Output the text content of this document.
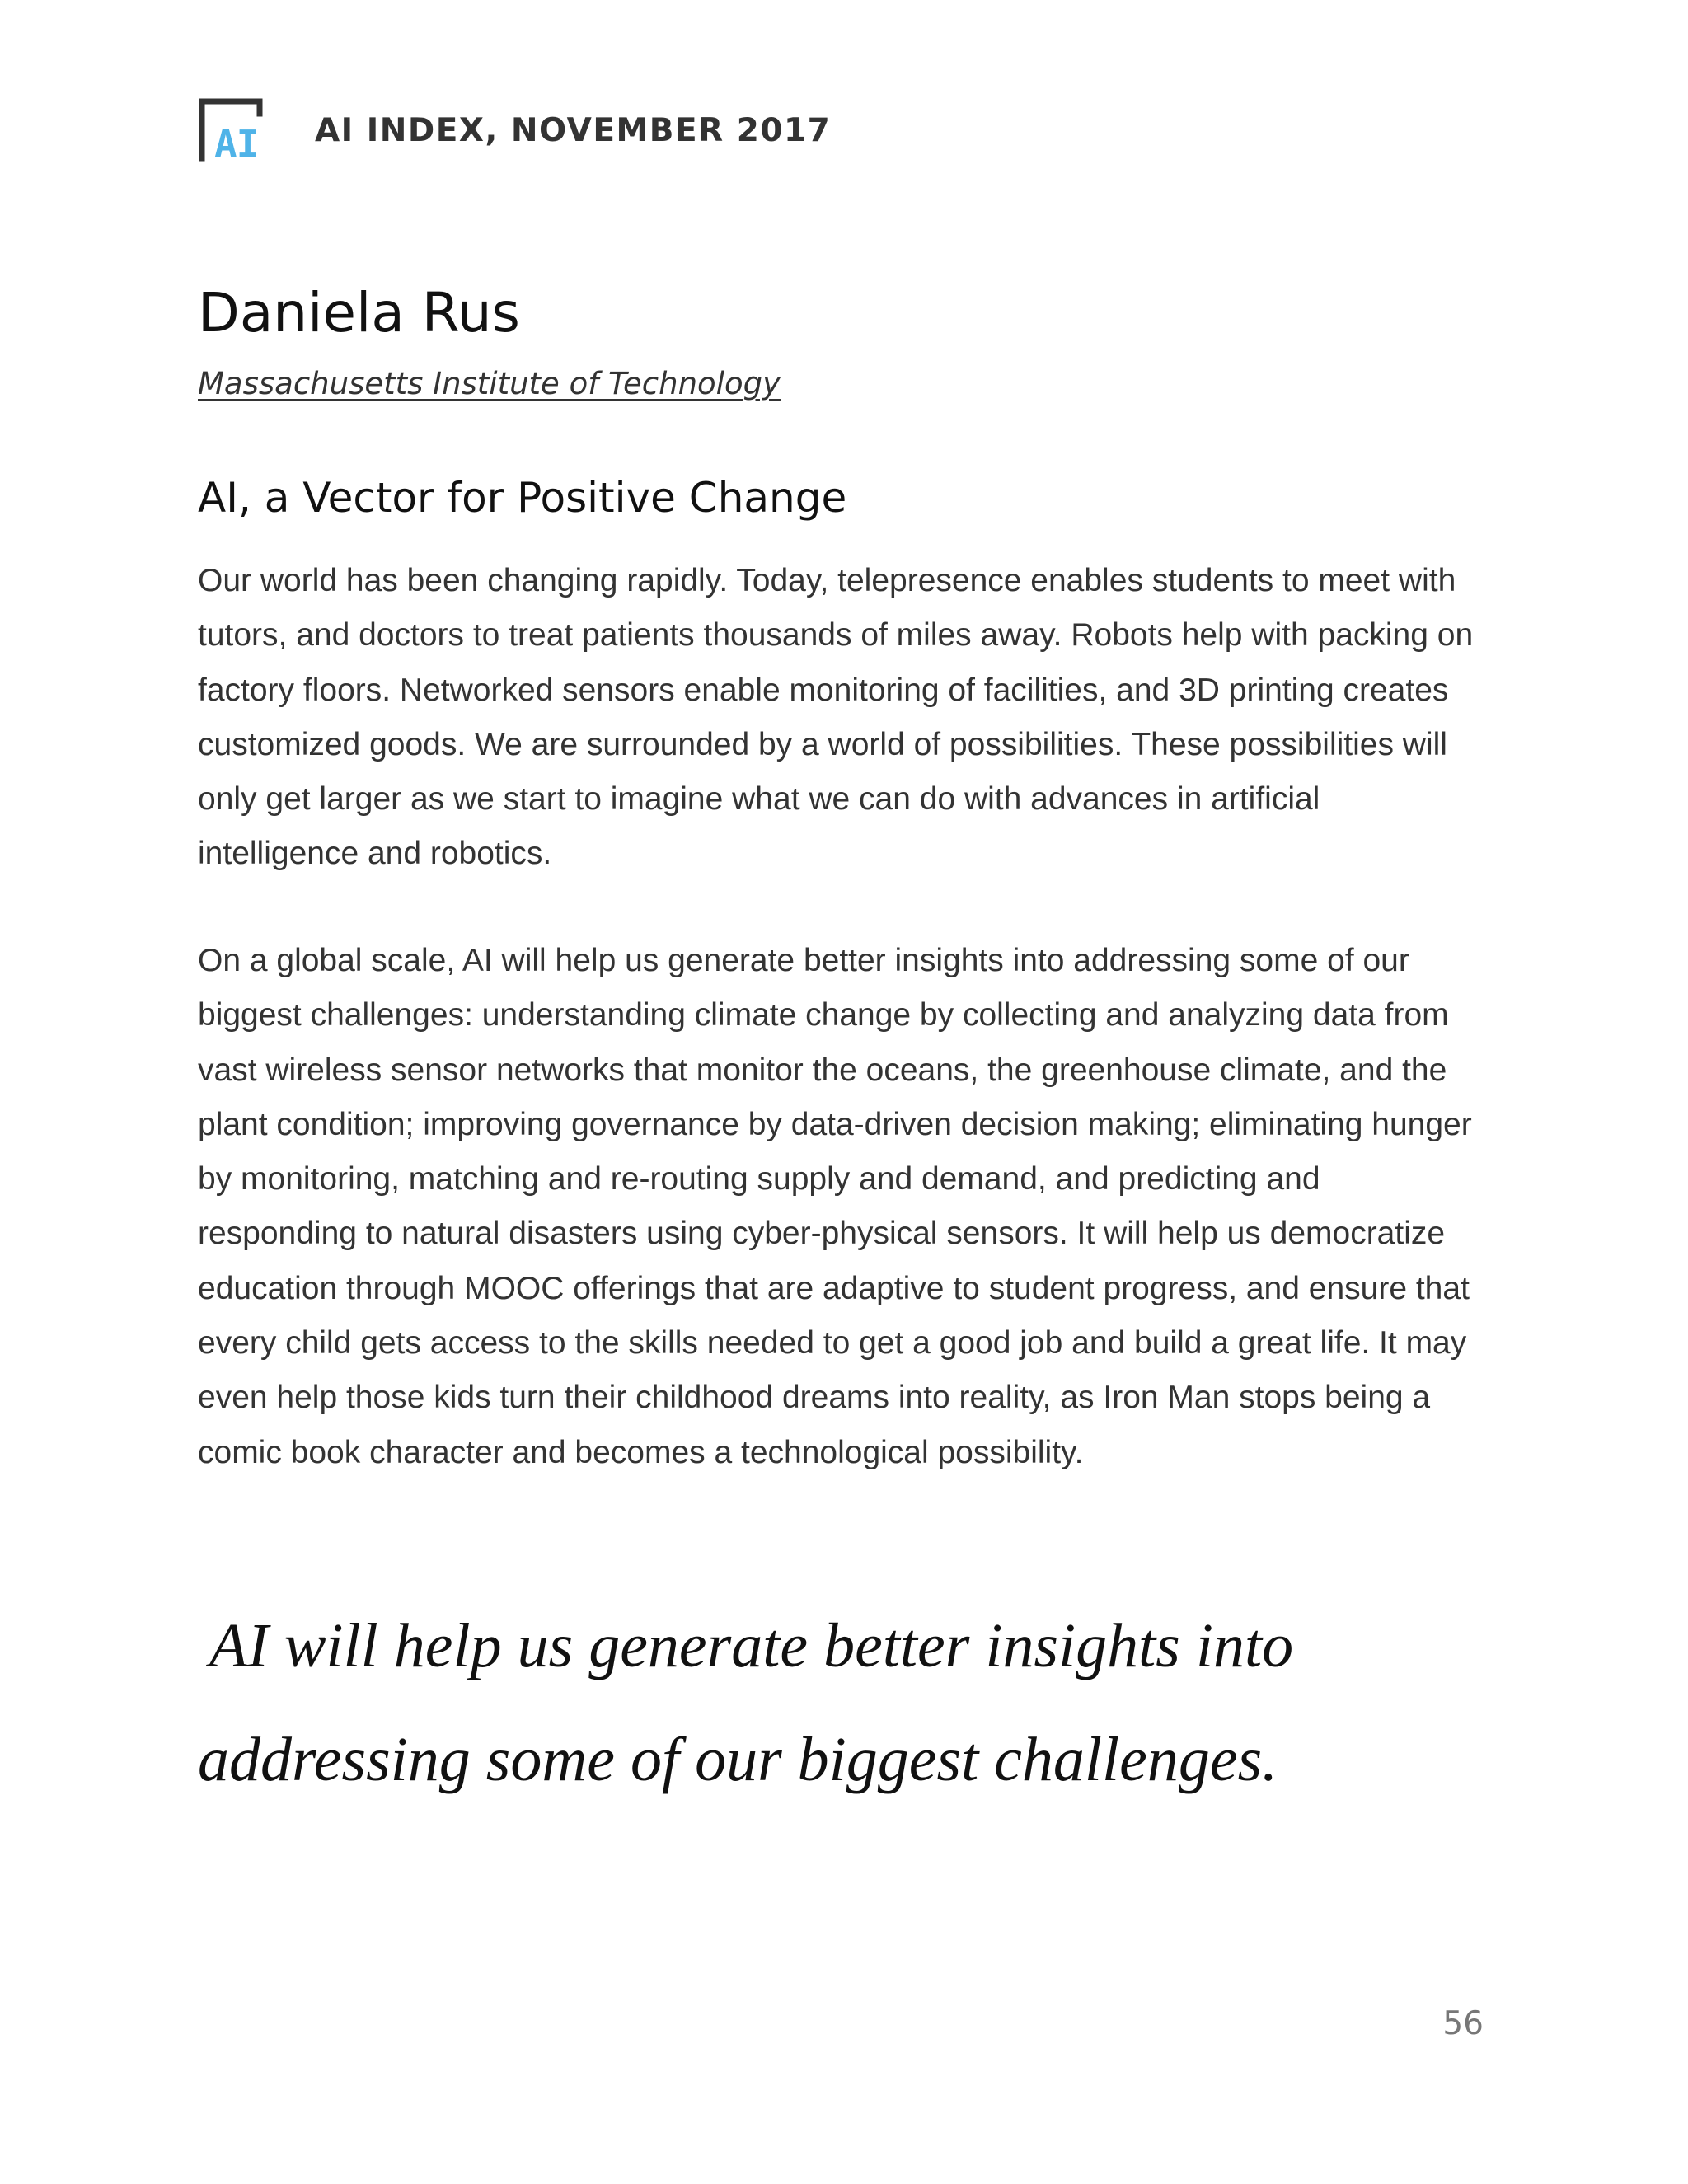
AI AI INDEX, NOVEMBER 2017
Daniela Rus
Massachusetts Institute of Technology
AI, a Vector for Positive Change

Our world has been changing rapidly. Today, telepresence enables students to meet with tutors, and doctors to treat patients thousands of miles away. Robots help with packing on factory floors. Networked sensors enable monitoring of facilities, and 3D printing creates customized goods. We are surrounded by a world of possibilities. These possibilities will only get larger as we start to imagine what we can do with advances in artificial intelligence and robotics.

On a global scale, AI will help us generate better insights into addressing some of our biggest challenges: understanding climate change by collecting and analyzing data from vast wireless sensor networks that monitor the oceans, the greenhouse climate, and the plant condition; improving governance by data-driven decision making; eliminating hunger by monitoring, matching and re-routing supply and demand, and predicting and responding to natural disasters using cyber-physical sensors. It will help us democratize education through MOOC offerings that are adaptive to student progress, and ensure that every child gets access to the skills needed to get a good job and build a great life. It may even help those kids turn their childhood dreams into reality, as Iron Man stops being a comic book character and becomes a technological possibility.

AI will help us generate better insights into
addressing some of our biggest challenges.
56
